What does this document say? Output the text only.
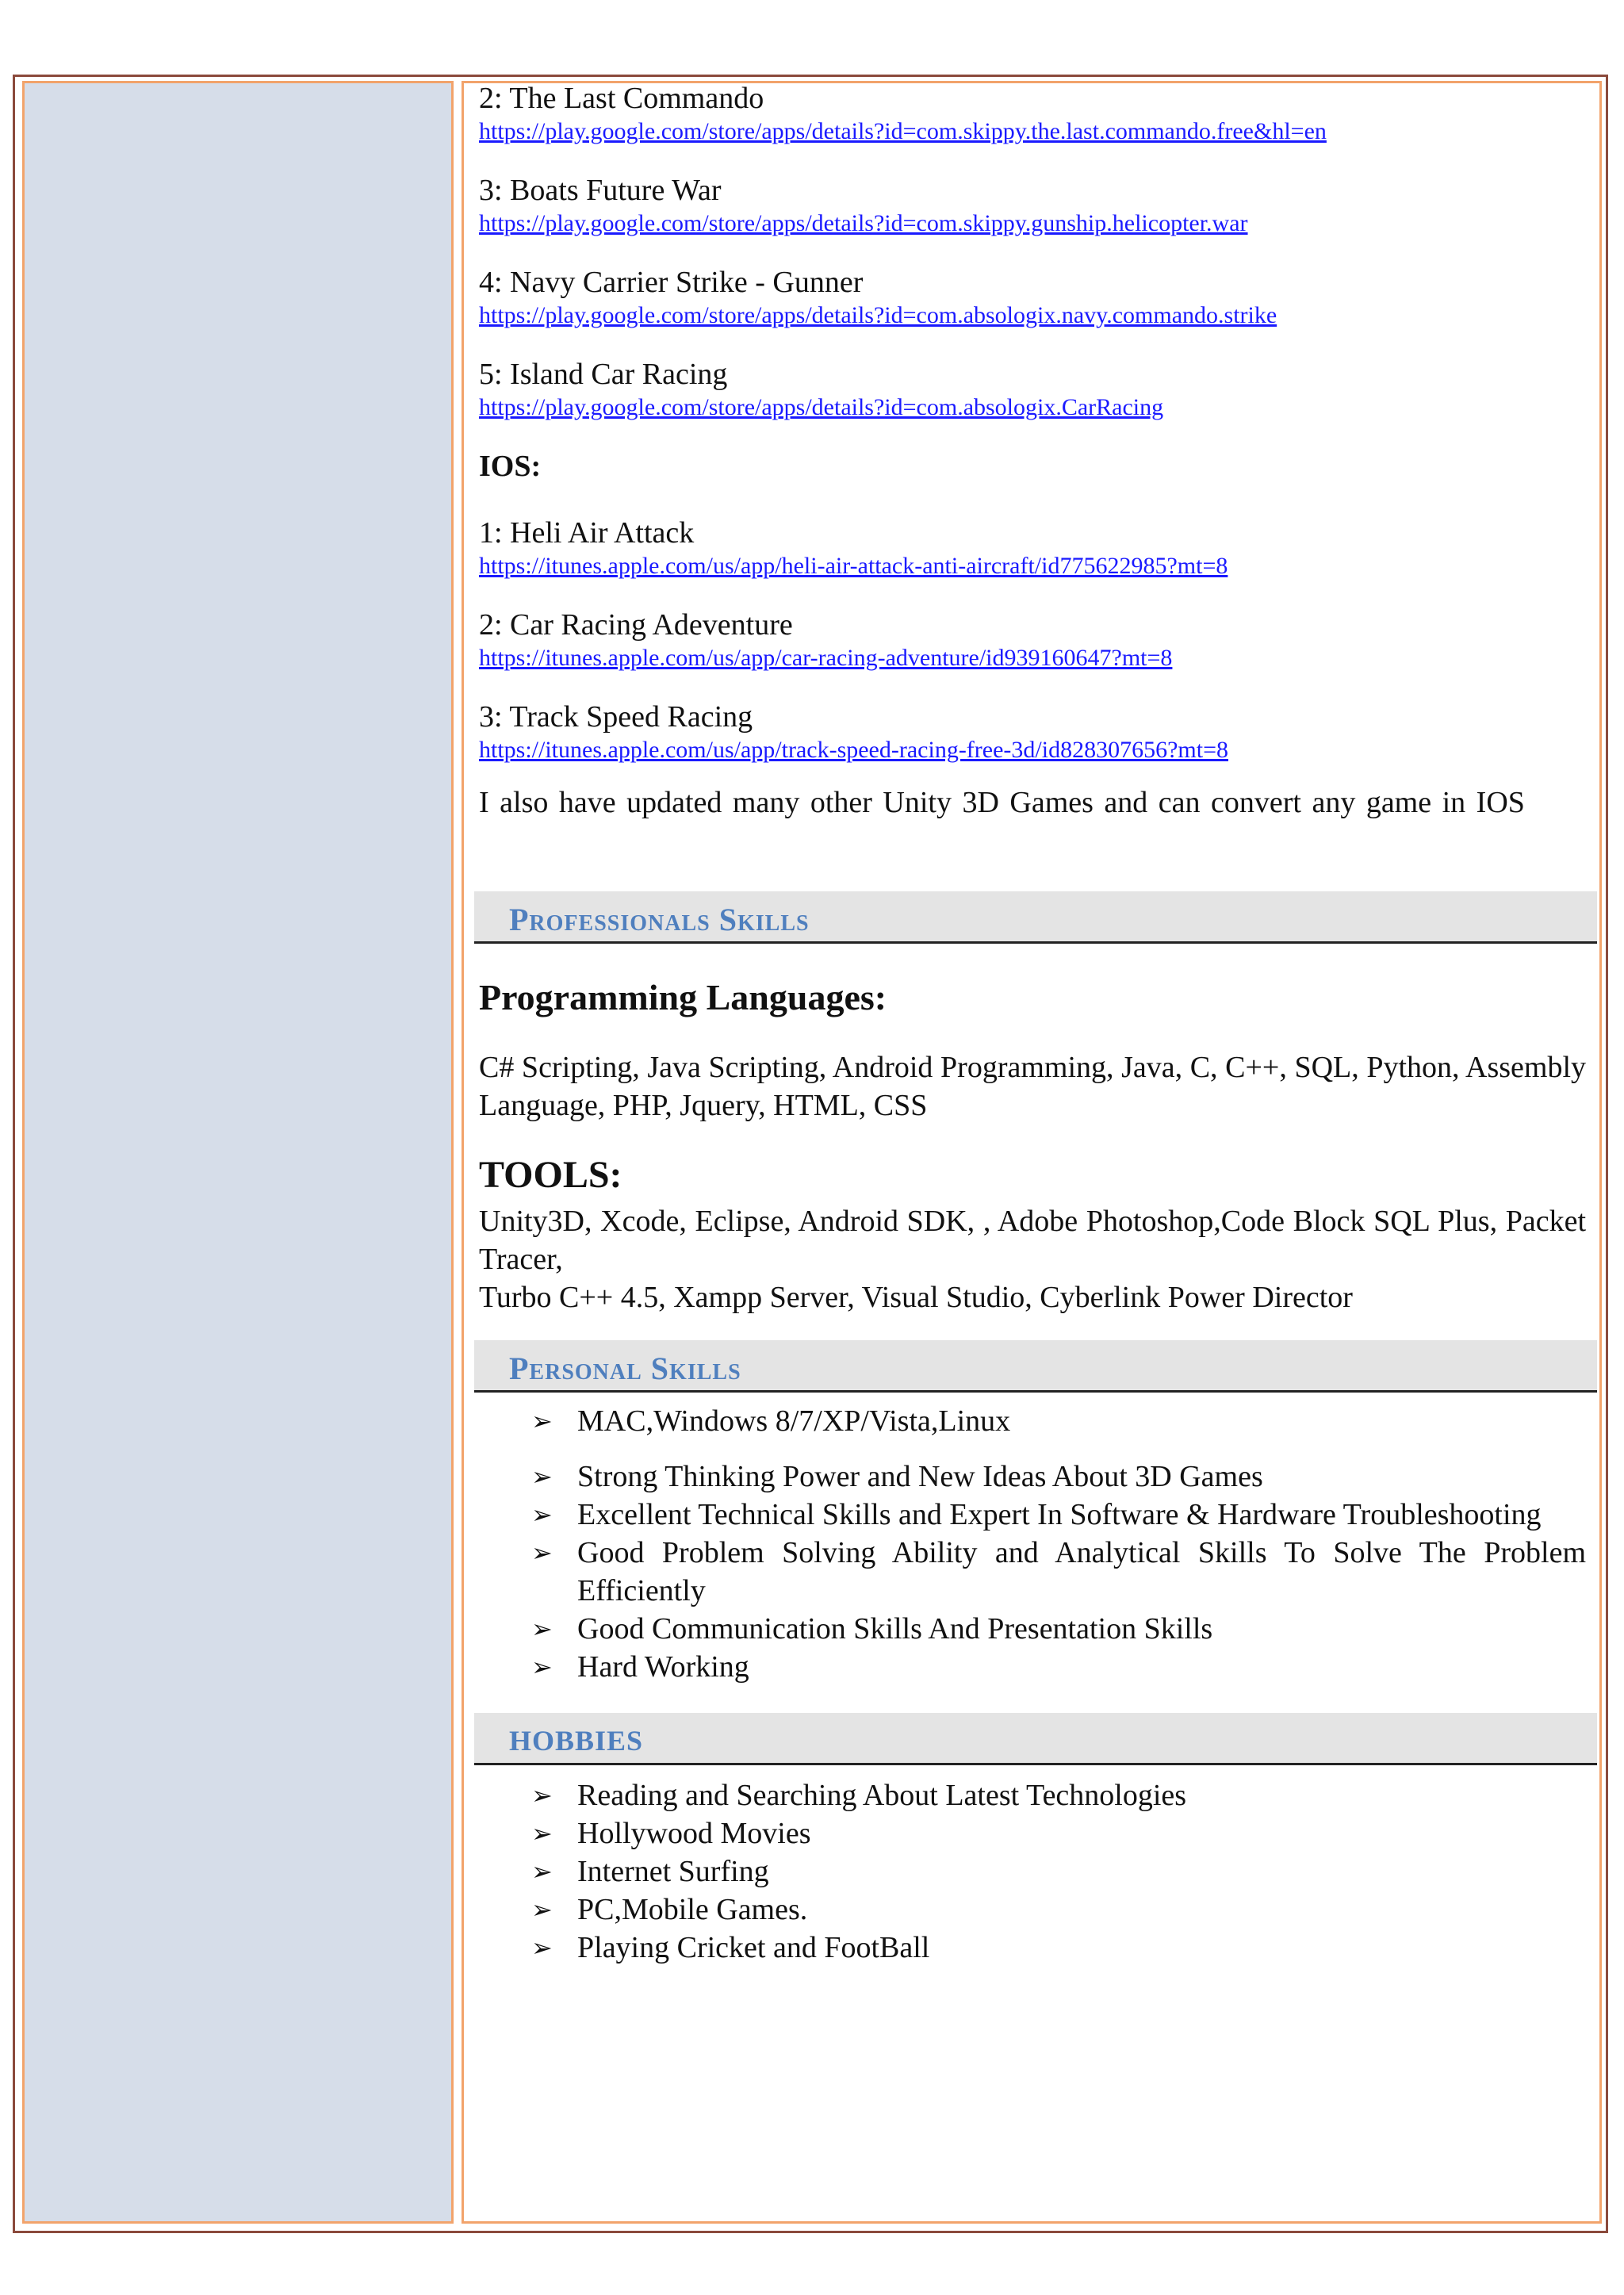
2: The Last Commando

https://play.google.com/store/apps/details?id=com.skippy.the.last.commando.free&hl=en

3: Boats Future War

https://play.google.com/store/apps/details?id=com.skippy.gunship.helicopter.war

4: Navy Carrier Strike - Gunner

https://play.google.com/store/apps/details?id=com.absologix.navy.commando.strike

5: Island Car Racing

https://play.google.com/store/apps/details?id=com.absologix.CarRacing

IOS:

1: Heli Air Attack

https://itunes.apple.com/us/app/heli-air-attack-anti-aircraft/id775622985?mt=8

2: Car Racing Adeventure

https://itunes.apple.com/us/app/car-racing-adventure/id939160647?mt=8

3: Track Speed Racing

https://itunes.apple.com/us/app/track-speed-racing-free-3d/id828307656?mt=8

I also have updated many other Unity 3D Games and can convert any game in IOS

Professionals Skills

Programming Languages:

C# Scripting, Java Scripting, Android Programming, Java, C, C++, SQL, Python, Assembly Language, PHP, Jquery, HTML, CSS

TOOLS:

Unity3D, Xcode, Eclipse, Android SDK, , Adobe Photoshop,Code Block SQL Plus, Packet Tracer,

Turbo C++ 4.5, Xampp Server, Visual Studio, Cyberlink Power Director

Personal Skills
➢ MAC,Windows 8/7/XP/Vista,Linux
➢ Strong Thinking Power and New Ideas About 3D Games
➢ Excellent Technical Skills and Expert In Software & Hardware Troubleshooting
➢ Good Problem Solving Ability and Analytical Skills To Solve The Problem Efficiently
➢ Good Communication Skills And Presentation Skills
➢ Hard Working
HOBBIES
➢ Reading and Searching About Latest Technologies
➢ Hollywood Movies
➢ Internet Surfing
➢ PC,Mobile Games.
➢ Playing Cricket and FootBall
